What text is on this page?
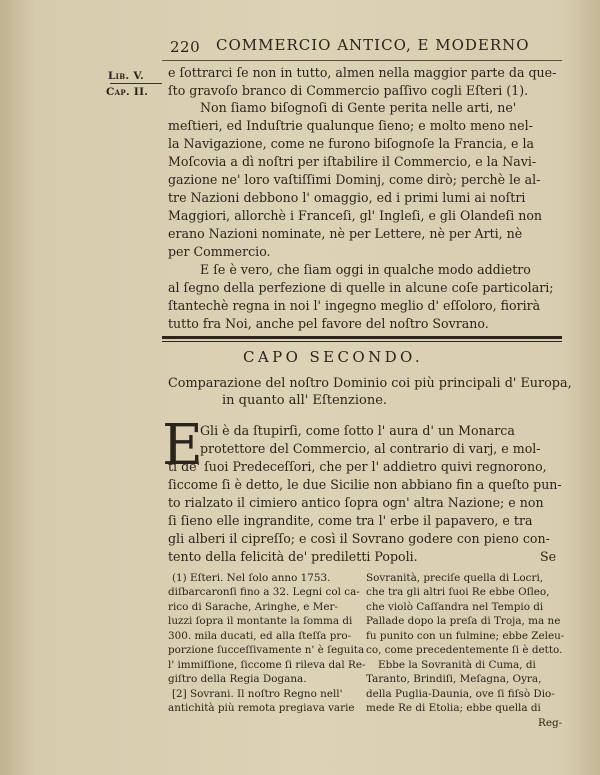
220 COMMERCIO ANTICO, E MODERNO
Lib. V.
Cap. II.
e ſottrarci ſe non in tutto, almen nella maggior parte da que-
ſto gravoſo branco di Commercio paſſivo cogli Eſteri (1).
Non ſiamo biſognoſi di Gente perita nelle arti, ne'
meſtieri, ed Induſtrie qualunque ſieno; e molto meno nel-
la Navigazione, come ne furono biſognoſe la Francia, e la
Moſcovia a dì noſtri per iſtabilire il Commercio, e la Navi-
gazione ne' loro vaſtiſſimi Dominj, come dirò; perchè le al-
tre Nazioni debbono l' omaggio, ed i primi lumi ai noſtri
Maggiori, allorchè i Franceſi, gl' Ingleſi, e gli Olandeſi non
erano Nazioni nominate, nè per Lettere, nè per Arti, nè
per Commercio.
E ſe è vero, che ſiam oggi in qualche modo addietro
al ſegno della perfezione di quelle in alcune coſe particolari;
ſtantechè regna in noi l' ingegno meglio d' eſſoloro, fiorirà
tutto fra Noi, anche pel favore del noſtro Sovrano.
CAPO SECONDO.
Comparazione del noſtro Dominio coi più principali d' Europa,
in quanto all' Eſtenzione.
E
Gli è da ſtupirſi, come ſotto l' aura d' un Monarca
protettore del Commercio, al contrario di varj, e mol-
ti de' ſuoi Predeceſſori, che per l' addietro quivi regnorono,
ſiccome ſi è detto, le due Sicilie non abbiano fin a queſto pun-
to rialzato il cimiero antico ſopra ogn' altra Nazione; e non
ſi ſieno elle ingrandite, come tra l' erbe il papavero, e tra
gli alberi il cipreſſo; e così il Sovrano godere con pieno con-
tento della felicità de' prediletti Popoli.	Se
(1) Eſteri. Nel ſolo anno 1753.
diſbarcaronſi fino a 32. Legni col ca-
rico di Sarache, Aringhe, e Mer-
luzzi ſopra il montante la ſomma di
300. mila ducati, ed alla ſteſſa pro-
porzione ſucceſſivamente n' è ſeguita
l' immiſſione, ſiccome ſi rileva dal Re-
giſtro della Regia Dogana.
[2] Sovrani. Il noſtro Regno nell'
antichità più remota pregiava varie
Sovranità, preciſe quella di Locri,
che tra gli altri ſuoi Re ebbe Oſleo,
che violò Caſſandra nel Tempio di
Pallade dopo la preſa di Troja, ma ne
fu punito con un fulmine; ebbe Zeleu-
co, come precedentemente ſi è detto.
Ebbe la Sovranità di Cuma, di
Taranto, Brindiſi, Meſagna, Oyra,
della Puglia-Daunia, ove ſi fiſsò Dio-
mede Re di Etolia; ebbe quella di
Reg-
